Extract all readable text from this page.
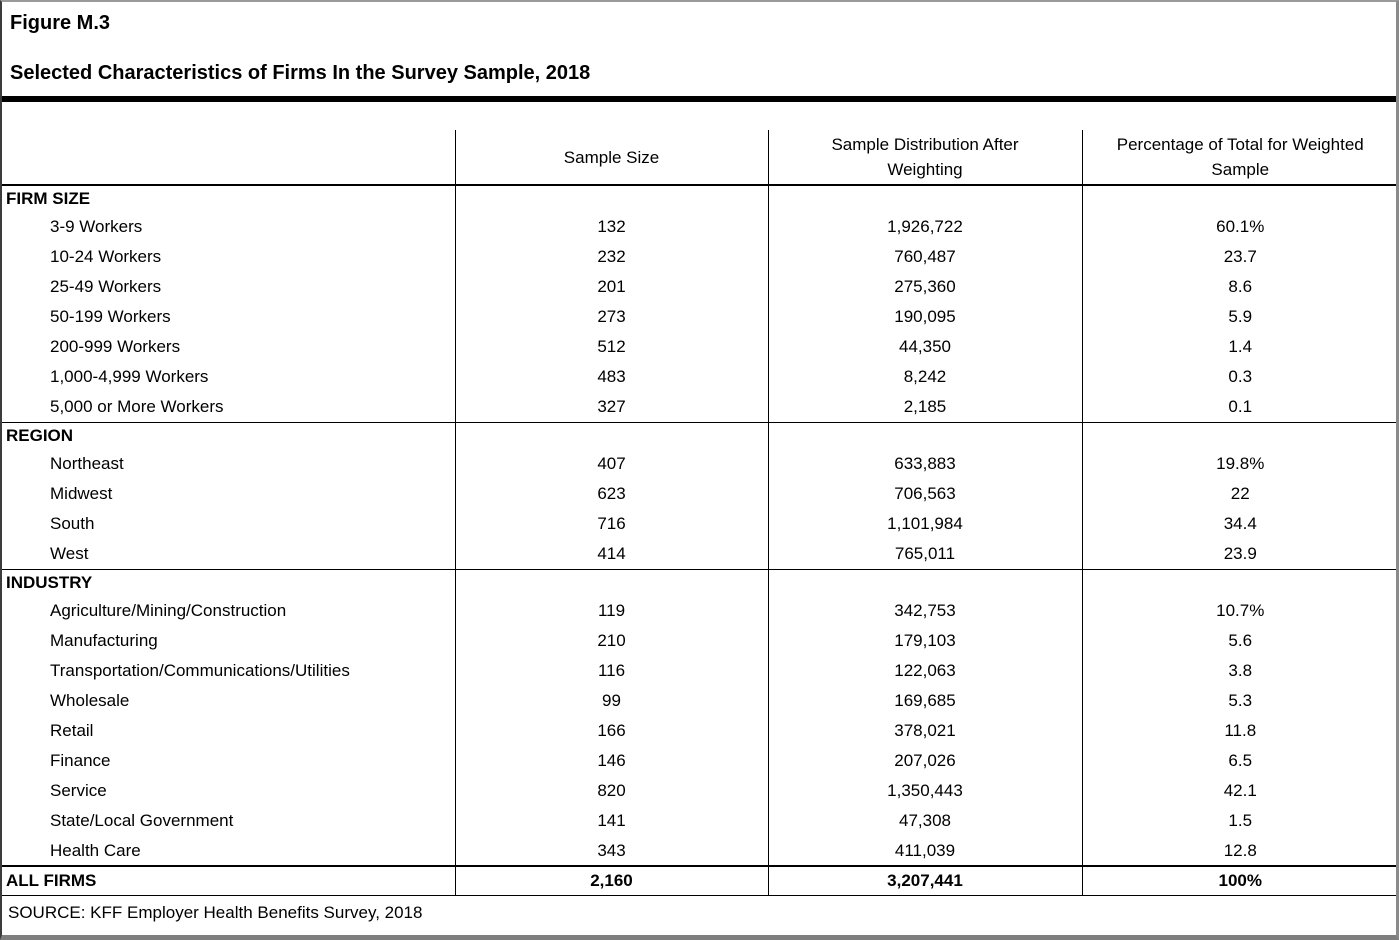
Figure M.3
Selected Characteristics of Firms In the Survey Sample, 2018
	Sample Size	Sample Distribution After Weighting	Percentage of Total for Weighted Sample
FIRM SIZE			
3-9 Workers	132	1,926,722	60.1%
10-24 Workers	232	760,487	23.7
25-49 Workers	201	275,360	8.6
50-199 Workers	273	190,095	5.9
200-999 Workers	512	44,350	1.4
1,000-4,999 Workers	483	8,242	0.3
5,000 or More Workers	327	2,185	0.1
REGION			
Northeast	407	633,883	19.8%
Midwest	623	706,563	22
South	716	1,101,984	34.4
West	414	765,011	23.9
INDUSTRY			
Agriculture/Mining/Construction	119	342,753	10.7%
Manufacturing	210	179,103	5.6
Transportation/Communications/Utilities	116	122,063	3.8
Wholesale	99	169,685	5.3
Retail	166	378,021	11.8
Finance	146	207,026	6.5
Service	820	1,350,443	42.1
State/Local Government	141	47,308	1.5
Health Care	343	411,039	12.8
ALL FIRMS	2,160	3,207,441	100%
SOURCE: KFF Employer Health Benefits Survey, 2018
